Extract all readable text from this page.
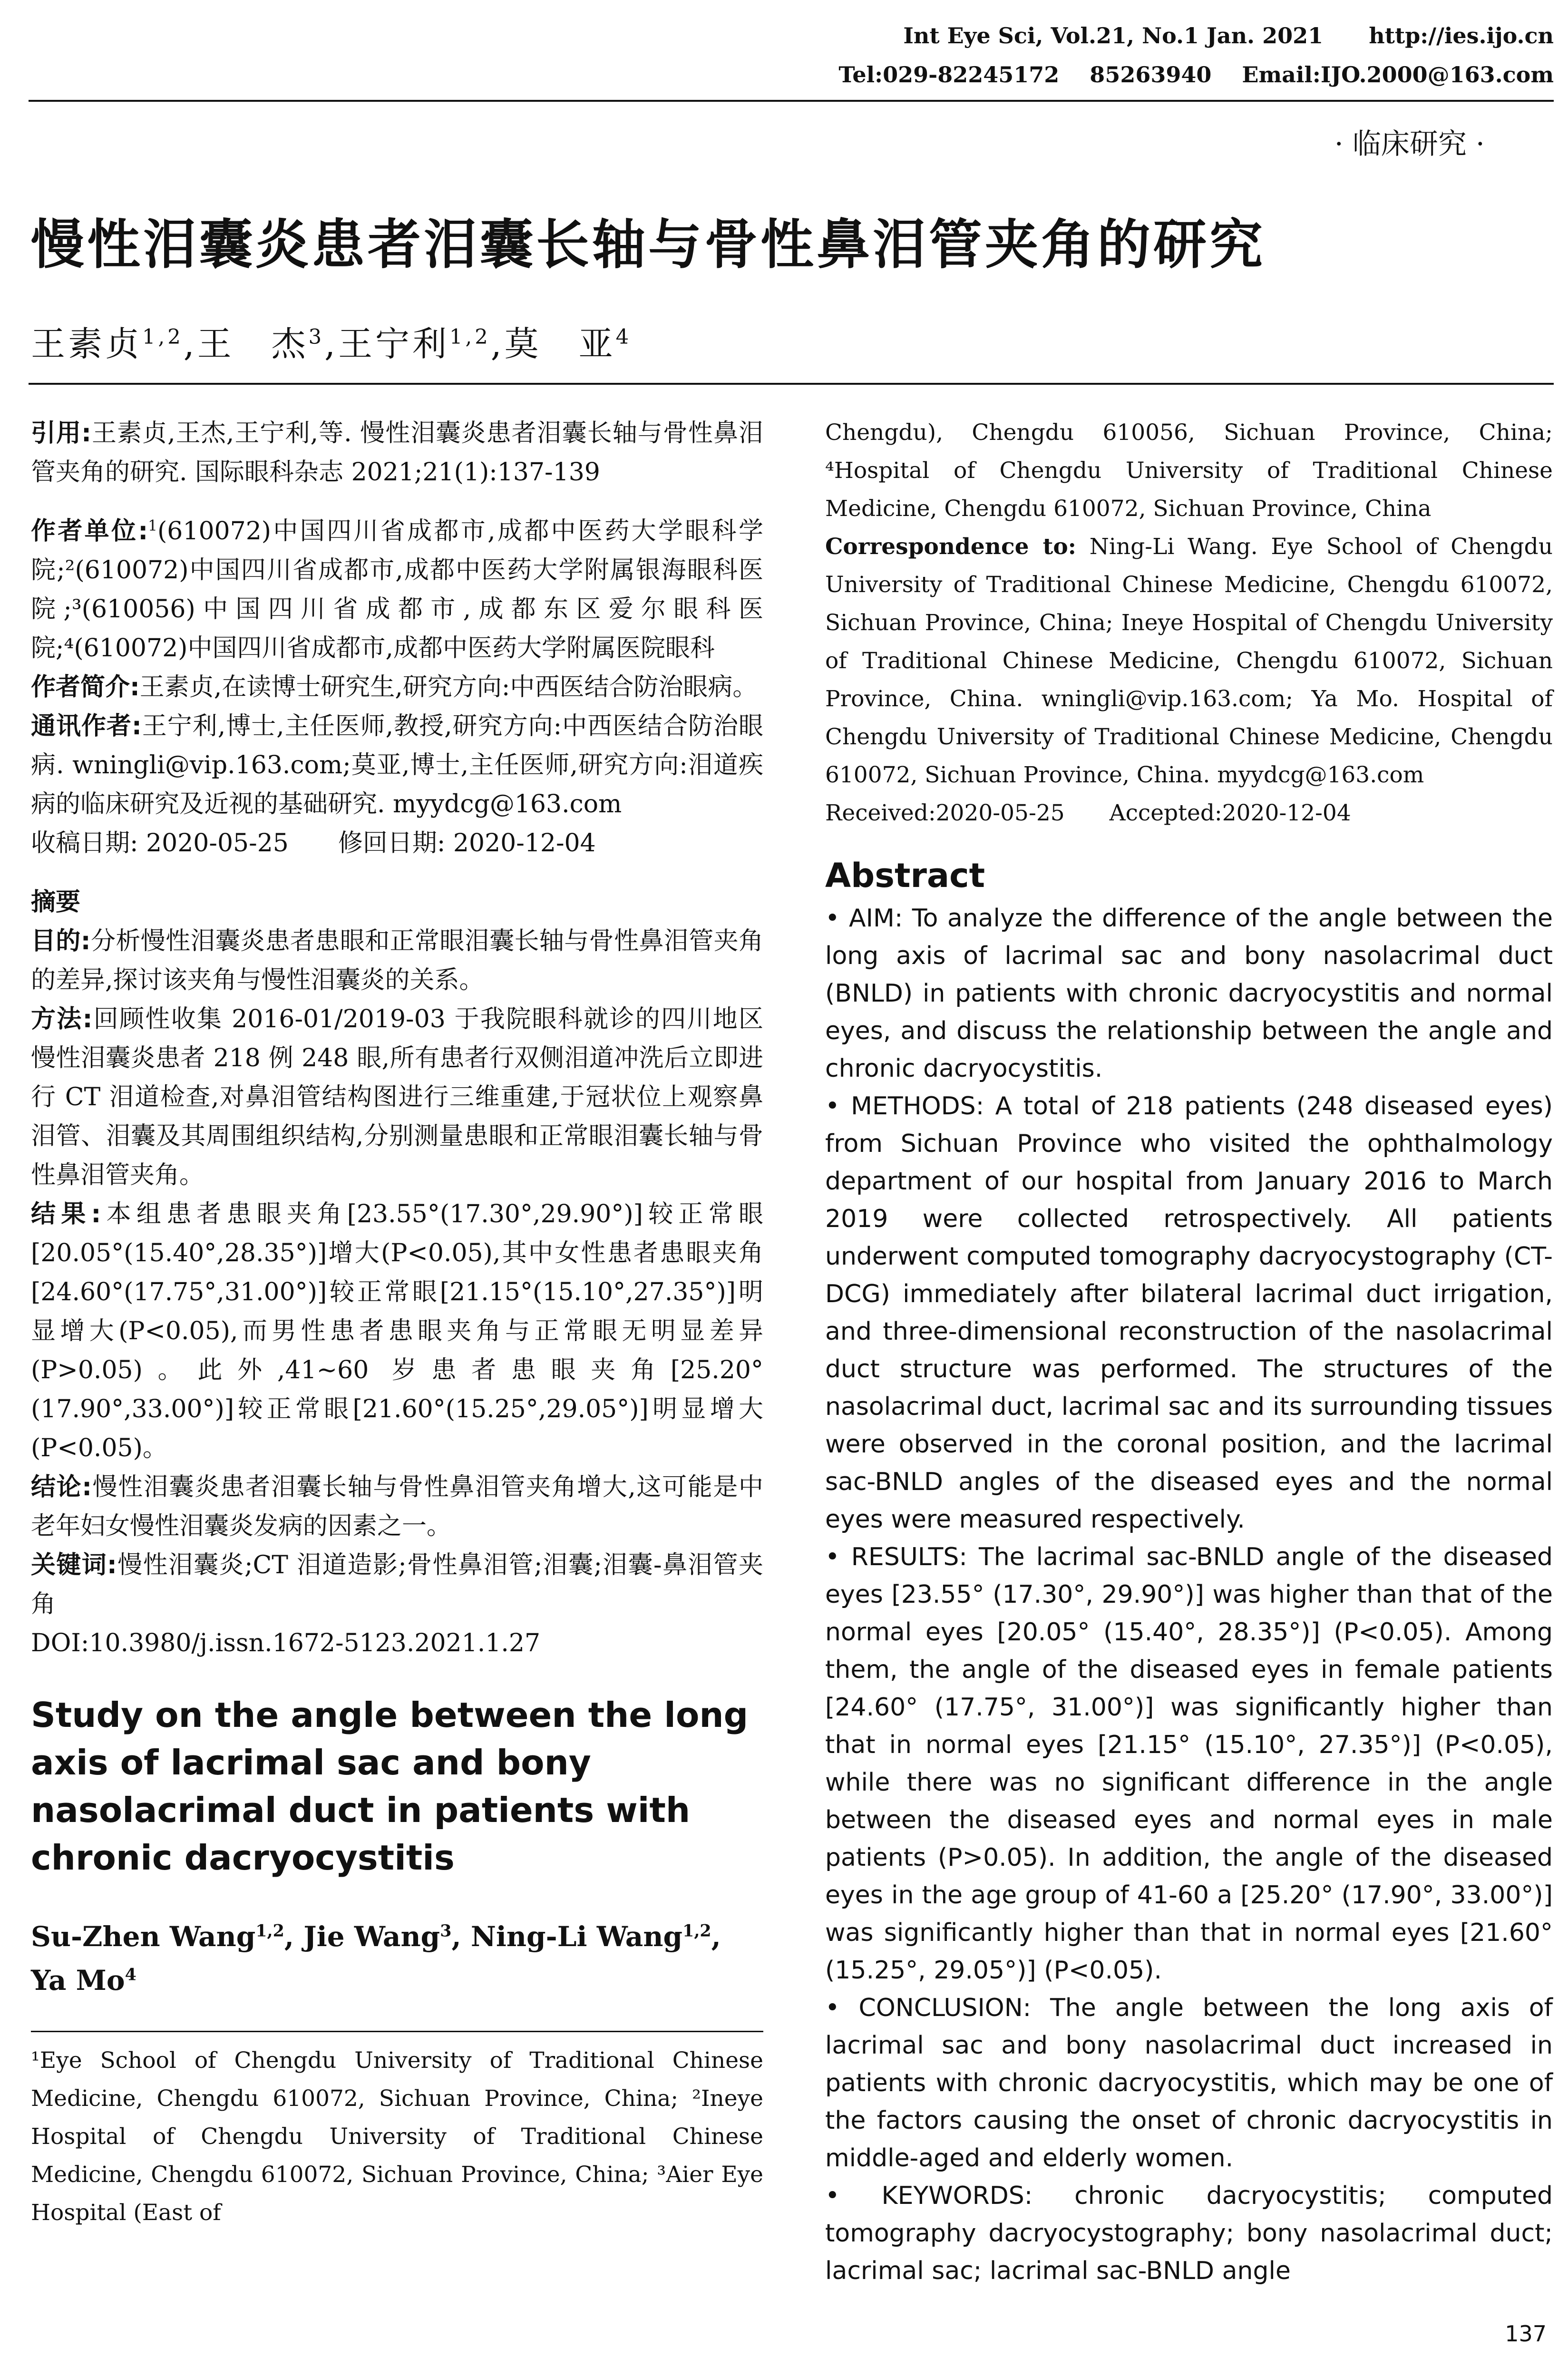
Int Eye Sci, Vol.21, No.1 Jan. 2021      http://ies.ijo.cn
Tel:029-82245172    85263940    Email:IJO.2000@163.com
· 临床研究 ·
慢性泪囊炎患者泪囊长轴与骨性鼻泪管夹角的研究
王素贞$^{1,2}$,王　杰$^3$,王宁利$^{1,2}$,莫　亚$^4$
引用:王素贞,王杰,王宁利,等. 慢性泪囊炎患者泪囊长轴与骨性鼻泪管夹角的研究. 国际眼科杂志 2021;21(1):137-139
作者单位:$^1$(610072)中国四川省成都市,成都中医药大学眼科学院;²(610072)中国四川省成都市,成都中医药大学附属银海眼科医院;³(610056)中国四川省成都市,成都东区爱尔眼科医院;⁴(610072)中国四川省成都市,成都中医药大学附属医院眼科
作者简介:王素贞,在读博士研究生,研究方向:中西医结合防治眼病。
通讯作者:王宁利,博士,主任医师,教授,研究方向:中西医结合防治眼病. wningli@vip.163.com;莫亚,博士,主任医师,研究方向:泪道疾病的临床研究及近视的基础研究. myydcg@163.com
收稿日期: 2020-05-25　　修回日期: 2020-12-04
摘要
目的:分析慢性泪囊炎患者患眼和正常眼泪囊长轴与骨性鼻泪管夹角的差异,探讨该夹角与慢性泪囊炎的关系。
方法:回顾性收集 2016-01/2019-03 于我院眼科就诊的四川地区慢性泪囊炎患者 218 例 248 眼,所有患者行双侧泪道冲洗后立即进行 CT 泪道检查,对鼻泪管结构图进行三维重建,于冠状位上观察鼻泪管、泪囊及其周围组织结构,分别测量患眼和正常眼泪囊长轴与骨性鼻泪管夹角。
结果:本组患者患眼夹角[23.55°(17.30°,29.90°)]较正常眼[20.05°(15.40°,28.35°)]增大(P<0.05),其中女性患者患眼夹角[24.60°(17.75°,31.00°)]较正常眼[21.15°(15.10°,27.35°)]明显增大(P<0.05),而男性患者患眼夹角与正常眼无明显差异(P>0.05)。此外,41~60 岁患者患眼夹角[25.20°(17.90°,33.00°)]较正常眼[21.60°(15.25°,29.05°)]明显增大(P<0.05)。
结论:慢性泪囊炎患者泪囊长轴与骨性鼻泪管夹角增大,这可能是中老年妇女慢性泪囊炎发病的因素之一。
关键词:慢性泪囊炎;CT 泪道造影;骨性鼻泪管;泪囊;泪囊-鼻泪管夹角
DOI:10.3980/j.issn.1672-5123.2021.1.27
Study on the angle between the long axis of lacrimal sac and bony nasolacrimal duct in patients with chronic dacryocystitis
Su-Zhen Wang$^{1,2}$, Jie Wang$^3$, Ning-Li Wang$^{1,2}$,
Ya Mo$^4$
¹Eye School of Chengdu University of Traditional Chinese Medicine, Chengdu 610072, Sichuan Province, China; ²Ineye Hospital of Chengdu University of Traditional Chinese Medicine, Chengdu 610072, Sichuan Province, China; ³Aier Eye Hospital (East of
Chengdu), Chengdu 610056, Sichuan Province, China; ⁴Hospital of Chengdu University of Traditional Chinese Medicine, Chengdu 610072, Sichuan Province, China
Correspondence to: Ning-Li Wang. Eye School of Chengdu University of Traditional Chinese Medicine, Chengdu 610072, Sichuan Province, China; Ineye Hospital of Chengdu University of Traditional Chinese Medicine, Chengdu 610072, Sichuan Province, China. wningli@vip.163.com; Ya Mo. Hospital of Chengdu University of Traditional Chinese Medicine, Chengdu 610072, Sichuan Province, China. myydcg@163.com
Received:2020-05-25　　Accepted:2020-12-04
Abstract
• AIM: To analyze the difference of the angle between the long axis of lacrimal sac and bony nasolacrimal duct (BNLD) in patients with chronic dacryocystitis and normal eyes, and discuss the relationship between the angle and chronic dacryocystitis.
• METHODS: A total of 218 patients (248 diseased eyes) from Sichuan Province who visited the ophthalmology department of our hospital from January 2016 to March 2019 were collected retrospectively. All patients underwent computed tomography dacryocystography (CT-DCG) immediately after bilateral lacrimal duct irrigation, and three-dimensional reconstruction of the nasolacrimal duct structure was performed. The structures of the nasolacrimal duct, lacrimal sac and its surrounding tissues were observed in the coronal position, and the lacrimal sac-BNLD angles of the diseased eyes and the normal eyes were measured respectively.
• RESULTS: The lacrimal sac-BNLD angle of the diseased eyes [23.55° (17.30°, 29.90°)] was higher than that of the normal eyes [20.05° (15.40°, 28.35°)] (P<0.05). Among them, the angle of the diseased eyes in female patients [24.60° (17.75°, 31.00°)] was significantly higher than that in normal eyes [21.15° (15.10°, 27.35°)] (P<0.05), while there was no significant difference in the angle between the diseased eyes and normal eyes in male patients (P>0.05). In addition, the angle of the diseased eyes in the age group of 41-60 a [25.20° (17.90°, 33.00°)] was significantly higher than that in normal eyes [21.60° (15.25°, 29.05°)] (P<0.05).
• CONCLUSION: The angle between the long axis of lacrimal sac and bony nasolacrimal duct increased in patients with chronic dacryocystitis, which may be one of the factors causing the onset of chronic dacryocystitis in middle-aged and elderly women.
• KEYWORDS: chronic dacryocystitis; computed tomography dacryocystography; bony nasolacrimal duct; lacrimal sac; lacrimal sac-BNLD angle
137
